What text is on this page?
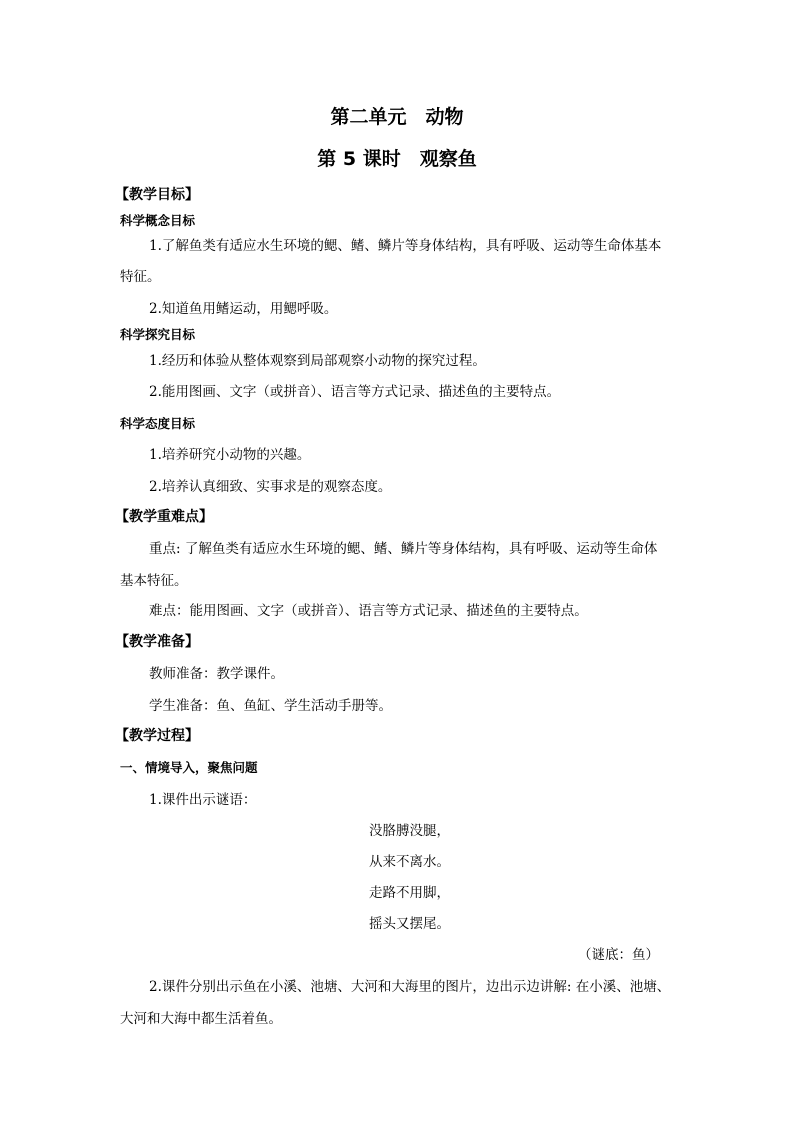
第二单元　动物
第 5 课时　观察鱼
【教学目标】
科学概念目标
1.了解鱼类有适应水生环境的鳃、鳍、鳞片等身体结构，具有呼吸、运动等生命体基本
特征。
2.知道鱼用鳍运动，用鳃呼吸。
科学探究目标
1.经历和体验从整体观察到局部观察小动物的探究过程。
2.能用图画、文字（或拼音）、语言等方式记录、描述鱼的主要特点。
科学态度目标
1.培养研究小动物的兴趣。
2.培养认真细致、实事求是的观察态度。
【教学重难点】
重点: 了解鱼类有适应水生环境的鳃、鳍、鳞片等身体结构，具有呼吸、运动等生命体
基本特征。
难点：能用图画、文字（或拼音）、语言等方式记录、描述鱼的主要特点。
【教学准备】
教师准备：教学课件。
学生准备：鱼、鱼缸、学生活动手册等。
【教学过程】
一、情境导入，聚焦问题
1.课件出示谜语：
没胳膊没腿，
从来不离水。
走路不用脚，
摇头又摆尾。
（谜底：鱼）
2.课件分别出示鱼在小溪、池塘、大河和大海里的图片，边出示边讲解: 在小溪、池塘、
大河和大海中都生活着鱼。
